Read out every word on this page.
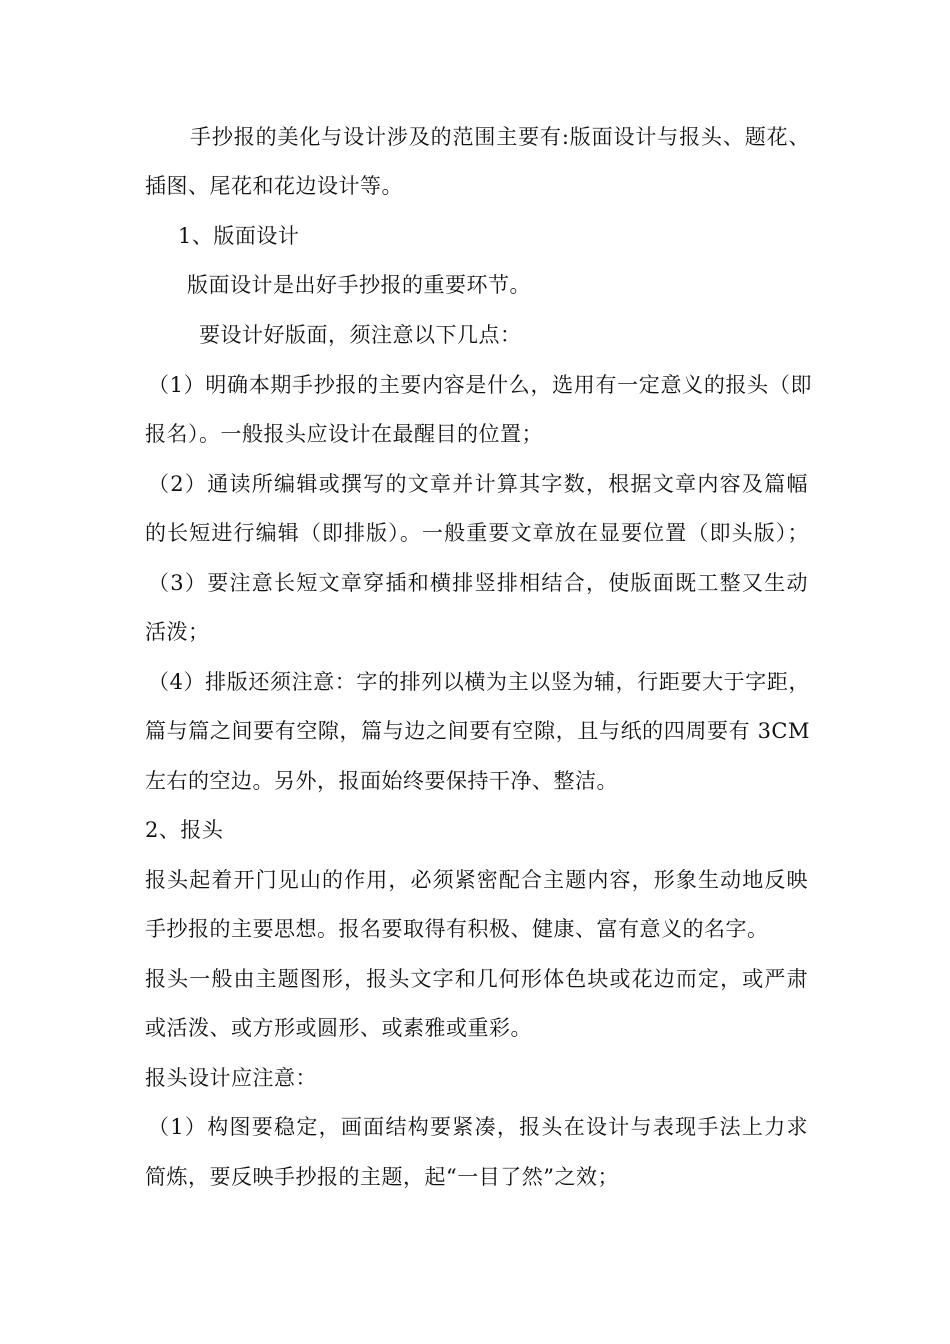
手抄报的美化与设计涉及的范围主要有:版面设计与报头、题花、
插图、尾花和花边设计等。
1、版面设计
版面设计是出好手抄报的重要环节。
要设计好版面，须注意以下几点：
（1）明确本期手抄报的主要内容是什么，选用有一定意义的报头（即
报名）。一般报头应设计在最醒目的位置；
（2）通读所编辑或撰写的文章并计算其字数，根据文章内容及篇幅
的长短进行编辑（即排版）。一般重要文章放在显要位置（即头版）；
（3）要注意长短文章穿插和横排竖排相结合，使版面既工整又生动
活泼；
（4）排版还须注意：字的排列以横为主以竖为辅，行距要大于字距，
篇与篇之间要有空隙，篇与边之间要有空隙，且与纸的四周要有 3CM
左右的空边。另外，报面始终要保持干净、整洁。
2、报头
报头起着开门见山的作用，必须紧密配合主题内容，形象生动地反映
手抄报的主要思想。报名要取得有积极、健康、富有意义的名字。
报头一般由主题图形，报头文字和几何形体色块或花边而定，或严肃
或活泼、或方形或圆形、或素雅或重彩。
报头设计应注意：
（1）构图要稳定，画面结构要紧凑，报头在设计与表现手法上力求
简炼，要反映手抄报的主题，起“一目了然”之效；
